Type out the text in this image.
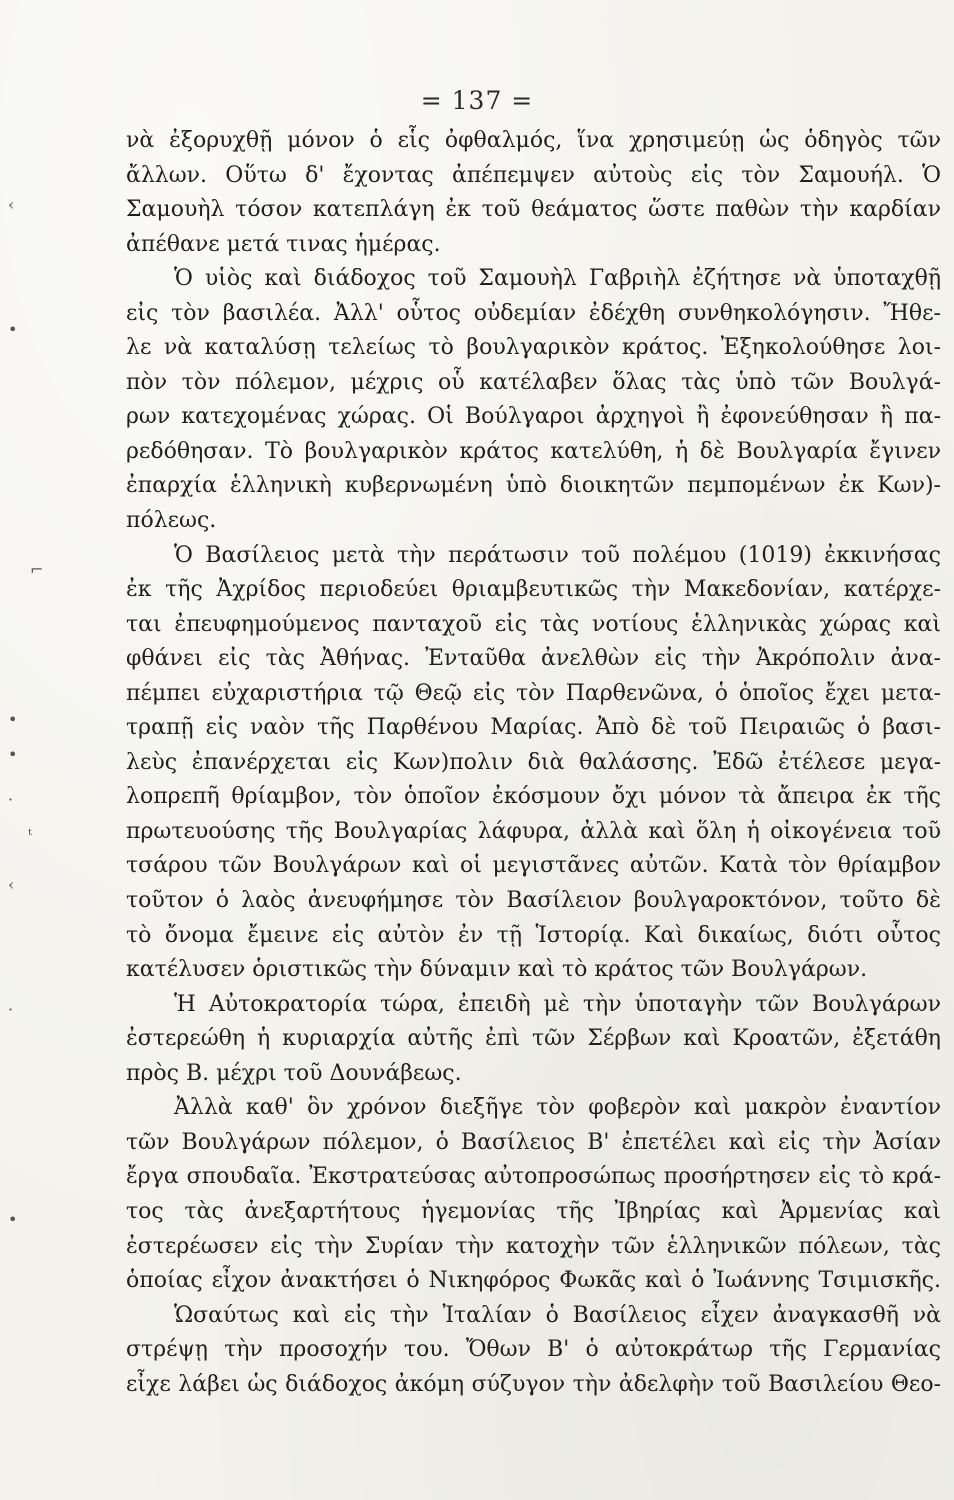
‹
•
⌐
•
•
·
ᵗ
‹
·
•
= 137 =
νὰ ἐξορυχθῇ μόνον ὁ εἷς ὀφθαλμός, ἵνα χρησιμεύῃ ὡς ὁδηγὸς τῶν
ἄλλων. Οὕτω δ' ἔχοντας ἀπέπεμψεν αὐτοὺς εἰς τὸν Σαμουήλ. Ὁ
Σαμουὴλ τόσον κατεπλάγη ἐκ τοῦ θεάματος ὥστε παθὼν τὴν καρδίαν
ἀπέθανε μετά τινας ἡμέρας.
Ὁ υἱὸς καὶ διάδοχος τοῦ Σαμουὴλ Γαβριὴλ ἐζήτησε νὰ ὑποταχθῇ
εἰς τὸν βασιλέα. Ἀλλ' οὗτος οὐδεμίαν ἐδέχθη συνθηκολόγησιν. Ἤθε-
λε νὰ καταλύσῃ τελείως τὸ βουλγαρικὸν κράτος. Ἐξηκολούθησε λοι-
πὸν τὸν πόλεμον, μέχρις οὗ κατέλαβεν ὅλας τὰς ὑπὸ τῶν Βουλγά-
ρων κατεχομένας χώρας. Οἱ Βούλγαροι ἀρχηγοὶ ἢ ἐφονεύθησαν ἢ πα-
ρεδόθησαν. Τὸ βουλγαρικὸν κράτος κατελύθη, ἡ δὲ Βουλγαρία ἔγινεν
ἐπαρχία ἑλληνικὴ κυβερνωμένη ὑπὸ διοικητῶν πεμπομένων ἐκ Κων)-
πόλεως.
Ὁ Βασίλειος μετὰ τὴν περάτωσιν τοῦ πολέμου (1019) ἐκκινήσας
ἐκ τῆς Ἀχρίδος περιοδεύει θριαμβευτικῶς τὴν Μακεδονίαν, κατέρχε-
ται ἐπευφημούμενος πανταχοῦ εἰς τὰς νοτίους ἑλληνικὰς χώρας καὶ
φθάνει εἰς τὰς Ἀθήνας. Ἐνταῦθα ἀνελθὼν εἰς τὴν Ἀκρόπολιν ἀνα-
πέμπει εὐχαριστήρια τῷ Θεῷ εἰς τὸν Παρθενῶνα, ὁ ὁποῖος ἔχει μετα-
τραπῇ εἰς ναὸν τῆς Παρθένου Μαρίας. Ἀπὸ δὲ τοῦ Πειραιῶς ὁ βασι-
λεὺς ἐπανέρχεται εἰς Κων)πολιν διὰ θαλάσσης. Ἐδῶ ἐτέλεσε μεγα-
λοπρεπῆ θρίαμβον, τὸν ὁποῖον ἐκόσμουν ὄχι μόνον τὰ ἄπειρα ἐκ τῆς
πρωτευούσης τῆς Βουλγαρίας λάφυρα, ἀλλὰ καὶ ὅλη ἡ οἰκογένεια τοῦ
τσάρου τῶν Βουλγάρων καὶ οἱ μεγιστᾶνες αὐτῶν. Κατὰ τὸν θρίαμβον
τοῦτον ὁ λαὸς ἀνευφήμησε τὸν Βασίλειον βουλγαροκτόνον, τοῦτο δὲ
τὸ ὄνομα ἔμεινε εἰς αὐτὸν ἐν τῇ Ἱστορίᾳ. Καὶ δικαίως, διότι οὗτος
κατέλυσεν ὁριστικῶς τὴν δύναμιν καὶ τὸ κράτος τῶν Βουλγάρων.
Ἡ Αὐτοκρατορία τώρα, ἐπειδὴ μὲ τὴν ὑποταγὴν τῶν Βουλγάρων
ἐστερεώθη ἡ κυριαρχία αὐτῆς ἐπὶ τῶν Σέρβων καὶ Κροατῶν, ἐξετάθη
πρὸς Β. μέχρι τοῦ Δουνάβεως.
Ἀλλὰ καθ' ὃν χρόνον διεξῆγε τὸν φοβερὸν καὶ μακρὸν ἐναντίον
τῶν Βουλγάρων πόλεμον, ὁ Βασίλειος Β' ἐπετέλει καὶ εἰς τὴν Ἀσίαν
ἔργα σπουδαῖα. Ἐκστρατεύσας αὐτοπροσώπως προσήρτησεν εἰς τὸ κρά-
τος τὰς ἀνεξαρτήτους ἡγεμονίας τῆς Ἰβηρίας καὶ Ἀρμενίας καὶ
ἐστερέωσεν εἰς τὴν Συρίαν τὴν κατοχὴν τῶν ἑλληνικῶν πόλεων, τὰς
ὁποίας εἶχον ἀνακτήσει ὁ Νικηφόρος Φωκᾶς καὶ ὁ Ἰωάννης Τσιμισκῆς.
Ὡσαύτως καὶ εἰς τὴν Ἰταλίαν ὁ Βασίλειος εἶχεν ἀναγκασθῆ νὰ
στρέψῃ τὴν προσοχήν του. Ὄθων Β' ὁ αὐτοκράτωρ τῆς Γερμανίας
εἶχε λάβει ὡς διάδοχος ἀκόμη σύζυγον τὴν ἀδελφὴν τοῦ Βασιλείου Θεο-
